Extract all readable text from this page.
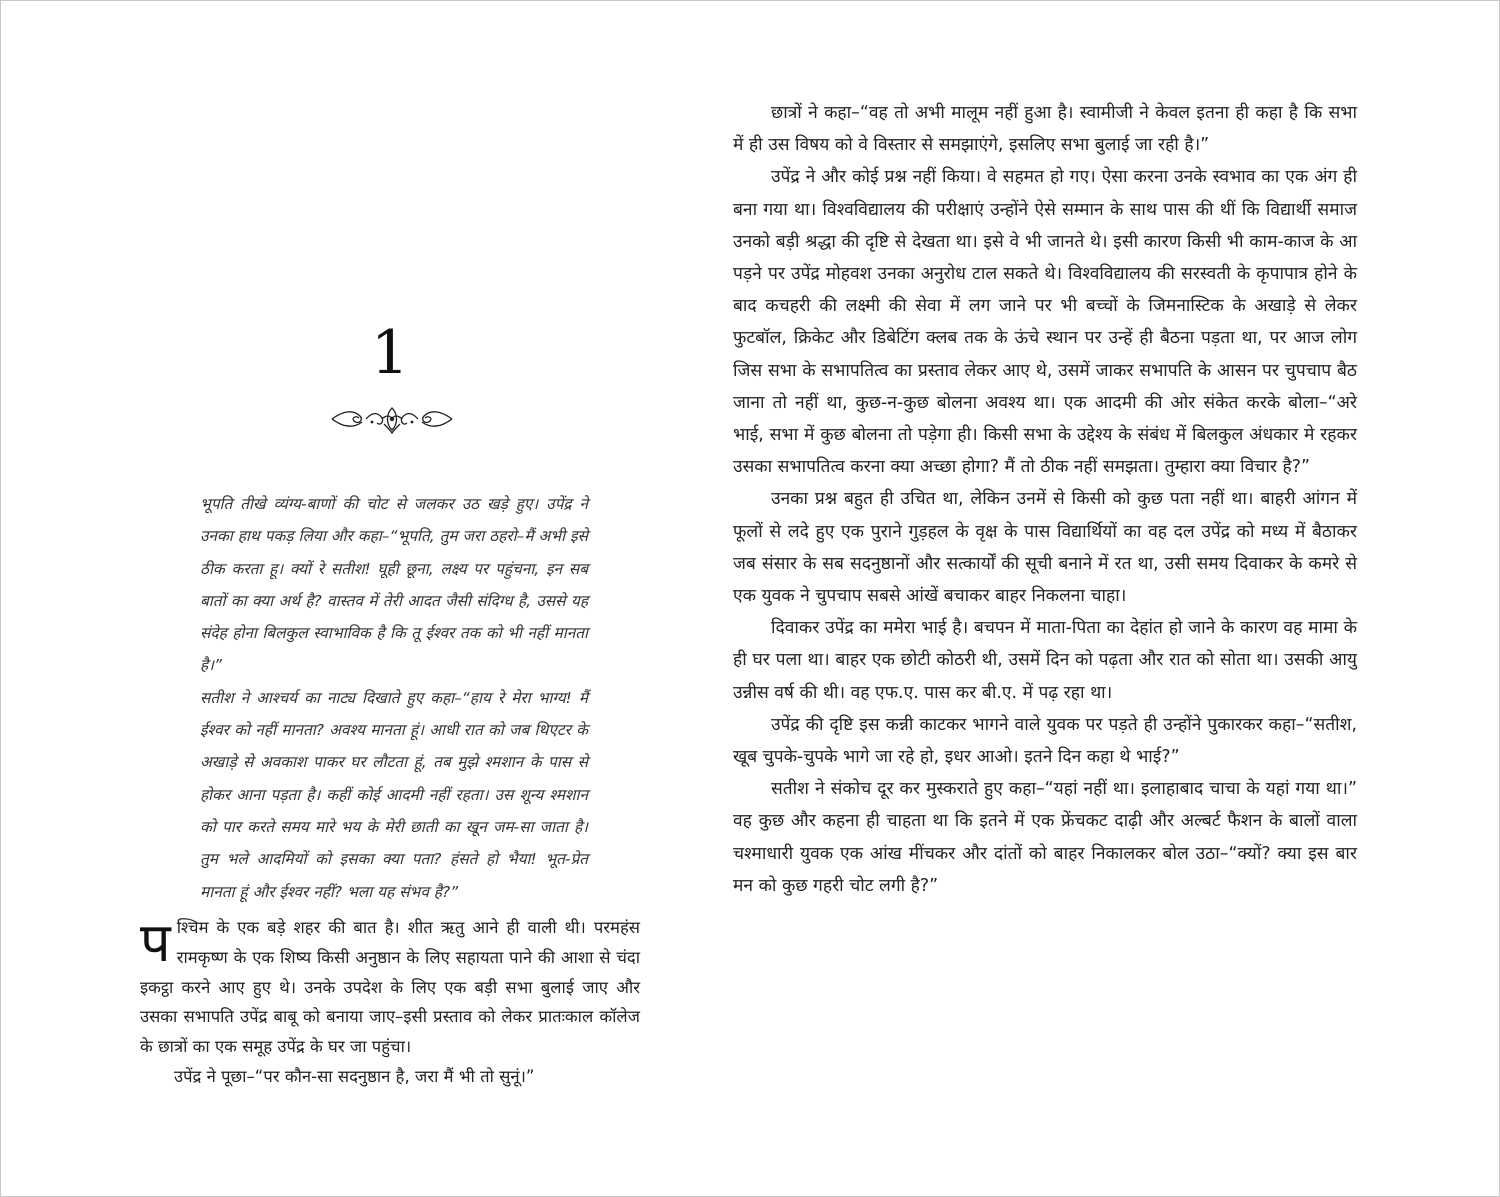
1

भूपति तीखे व्यंग्य-बाणों की चोट से जलकर उठ खड़े हुए। उपेंद्र ने उनका हाथ पकड़ लिया और कहा–“भूपति, तुम जरा ठहरो–मैं अभी इसे ठीक करता हू। क्यों रे सतीश! घूही छूना, लक्ष्य पर पहुंचना, इन सब बातों का क्या अर्थ है? वास्तव में तेरी आदत जैसी संदिग्ध है, उससे यह संदेह होना बिलकुल स्वाभाविक है कि तू ईश्वर तक को भी नहीं मानता है।”

सतीश ने आश्चर्य का नाट्य दिखाते हुए कहा–“हाय रे मेरा भाग्य! मैं ईश्वर को नहीं मानता? अवश्य मानता हूं। आधी रात को जब थिएटर के अखाड़े से अवकाश पाकर घर लौटता हूं, तब मुझे श्मशान के पास से होकर आना पड़ता है। कहीं कोई आदमी नहीं रहता। उस शून्य श्मशान को पार करते समय मारे भय के मेरी छाती का खून जम-सा जाता है। तुम भले आदमियों को इसका क्या पता? हंसते हो भैया! भूत-प्रेत मानता हूं और ईश्वर नहीं? भला यह संभव है?”

पश्चिम के एक बड़े शहर की बात है। शीत ऋतु आने ही वाली थी। परमहंस रामकृष्ण के एक शिष्य किसी अनुष्ठान के लिए सहायता पाने की आशा से चंदा इकट्ठा करने आए हुए थे। उनके उपदेश के लिए एक बड़ी सभा बुलाई जाए और उसका सभापति उपेंद्र बाबू को बनाया जाए–इसी प्रस्ताव को लेकर प्रातःकाल कॉलेज के छात्रों का एक समूह उपेंद्र के घर जा पहुंचा।

उपेंद्र ने पूछा–“पर कौन-सा सदनुष्ठान है, जरा मैं भी तो सुनूं।”

छात्रों ने कहा–“वह तो अभी मालूम नहीं हुआ है। स्वामीजी ने केवल इतना ही कहा है कि सभा में ही उस विषय को वे विस्तार से समझाएंगे, इसलिए सभा बुलाई जा रही है।”

उपेंद्र ने और कोई प्रश्न नहीं किया। वे सहमत हो गए। ऐसा करना उनके स्वभाव का एक अंग ही बना गया था। विश्वविद्यालय की परीक्षाएं उन्होंने ऐसे सम्मान के साथ पास की थीं कि विद्यार्थी समाज उनको बड़ी श्रद्धा की दृष्टि से देखता था। इसे वे भी जानते थे। इसी कारण किसी भी काम-काज के आ पड़ने पर उपेंद्र मोहवश उनका अनुरोध टाल सकते थे। विश्वविद्यालय की सरस्वती के कृपापात्र होने के बाद कचहरी की लक्ष्मी की सेवा में लग जाने पर भी बच्चों के जिमनास्टिक के अखाड़े से लेकर फुटबॉल, क्रिकेट और डिबेटिंग क्लब तक के ऊंचे स्थान पर उन्हें ही बैठना पड़ता था, पर आज लोग जिस सभा के सभापतित्व का प्रस्ताव लेकर आए थे, उसमें जाकर सभापति के आसन पर चुपचाप बैठ जाना तो नहीं था, कुछ-न-कुछ बोलना अवश्य था। एक आदमी की ओर संकेत करके बोला–“अरे भाई, सभा में कुछ बोलना तो पड़ेगा ही। किसी सभा के उद्देश्य के संबंध में बिलकुल अंधकार मे रहकर उसका सभापतित्व करना क्या अच्छा होगा? मैं तो ठीक नहीं समझता। तुम्हारा क्या विचार है?”

उनका प्रश्न बहुत ही उचित था, लेकिन उनमें से किसी को कुछ पता नहीं था। बाहरी आंगन में फूलों से लदे हुए एक पुराने गुड़हल के वृक्ष के पास विद्यार्थियों का वह दल उपेंद्र को मध्य में बैठाकर जब संसार के सब सदनुष्ठानों और सत्कार्यों की सूची बनाने में रत था, उसी समय दिवाकर के कमरे से एक युवक ने चुपचाप सबसे आंखें बचाकर बाहर निकलना चाहा।

दिवाकर उपेंद्र का ममेरा भाई है। बचपन में माता-पिता का देहांत हो जाने के कारण वह मामा के ही घर पला था। बाहर एक छोटी कोठरी थी, उसमें दिन को पढ़ता और रात को सोता था। उसकी आयु उन्नीस वर्ष की थी। वह एफ.ए. पास कर बी.ए. में पढ़ रहा था।

उपेंद्र की दृष्टि इस कन्नी काटकर भागने वाले युवक पर पड़ते ही उन्होंने पुकारकर कहा–“सतीश, खूब चुपके-चुपके भागे जा रहे हो, इधर आओ। इतने दिन कहा थे भाई?”

सतीश ने संकोच दूर कर मुस्कराते हुए कहा–“यहां नहीं था। इलाहाबाद चाचा के यहां गया था।” वह कुछ और कहना ही चाहता था कि इतने में एक फ्रेंचकट दाढ़ी और अल्बर्ट फैशन के बालों वाला चश्माधारी युवक एक आंख मींचकर और दांतों को बाहर निकालकर बोल उठा–“क्यों? क्या इस बार मन को कुछ गहरी चोट लगी है?”
